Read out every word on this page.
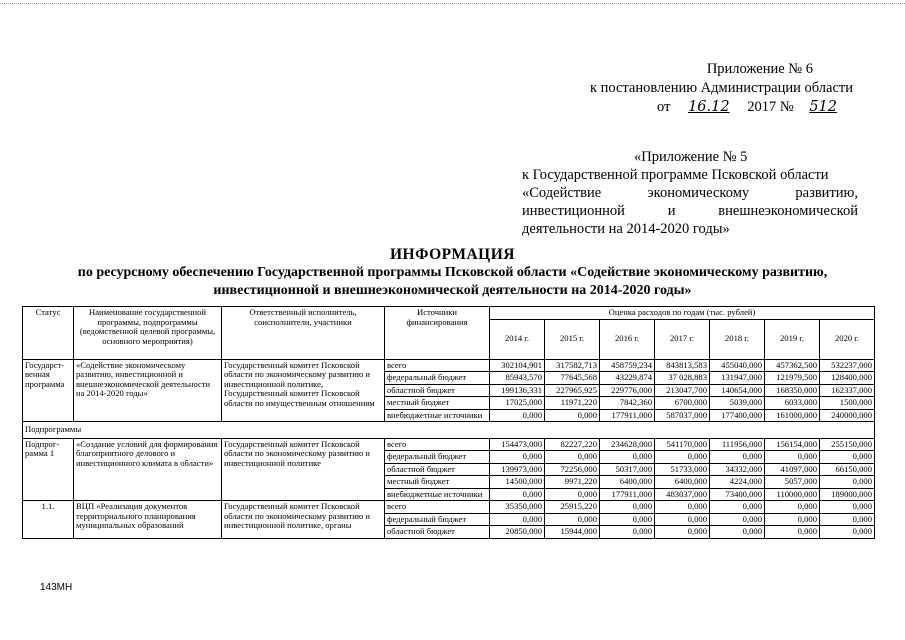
Приложение № 6
к постановлению Администрации области
от 16.12 2017 № 512
«Приложение № 5
к Государственной программе Псковской области
«Содействие экономическому развитию,
инвестиционной и внешнеэкономической
деятельности на 2014-2020 годы»
ИНФОРМАЦИЯ
по ресурсному обеспечению Государственной программы Псковской области «Содействие экономическому развитию,
инвестиционной и внешнеэкономической деятельности на 2014-2020 годы»
Статус	Наименование государственной программы, подпрограммы (ведомственной целевой программы, основного мероприятия)	Ответственный исполнитель, соисполнители, участники	Источники финансирования	Оценка расходов по годам (тыс. рублей)						
				2014 г.	2015 г.	2016 г.	2017 г.	2018 г.	2019 г.	2020 г.
Государст-венная программа	«Содействие экономическому развитию, инвестиционной и внешнеэкономической деятельности на 2014-2020 годы»	Государственный комитет Псковской области по экономическому развитию и инвестиционной политике, Государственный комитет Псковской области по имущественным отношениям	всего	302104,901	317582,713	458759,234	843813,583	455040,000	457362,500	532237,000
			федеральный бюджет	85943,570	77645,568	43229,874	37 028,883	131947,000	121979,500	128400,000
			областной бюджет	199136,331	227965,925	229776,000	213047,700	140654,000	168350,000	162337,000
			местный бюджет	17025,000	11971,220	7842,360	6700,000	5039,000	6033,000	1500,000
			внебюджетные источники	0,000	0,000	177911,000	587037,000	177400,000	161000,000	240000,000
Подпрограммы										
Подпрог-рамма 1	«Создание условий для формирования благоприятного делового и инвестиционного климата в области»	Государственный комитет Псковской области по экономическому развитию и инвестиционной политике	всего	154473,000	82227,220	234628,000	541170,000	111956,000	156154,000	255150,000
			федеральный бюджет	0,000	0,000	0,000	0,000	0,000	0,000	0,000
			областной бюджет	139973,000	72256,000	50317,000	51733,000	34332,000	41097,000	66150,000
			местный бюджет	14500,000	9971,220	6400,000	6400,000	4224,000	5057,000	0,000
			внебюджетные источники	0,000	0,000	177911,000	483037,000	73400,000	110000,000	189000,000
1.1.	ВЦП «Реализация документов территориального планирования муниципальных образований	Государственный комитет Псковской области по экономическому развитию и инвестиционной политике, органы	всего	35350,000	25915,220	0,000	0,000	0,000	0,000	0,000
			федеральный бюджет	0,000	0,000	0,000	0,000	0,000	0,000	0,000
			областной бюджет	20850,000	15944,000	0,000	0,000	0,000	0,000	0,000
143МН
